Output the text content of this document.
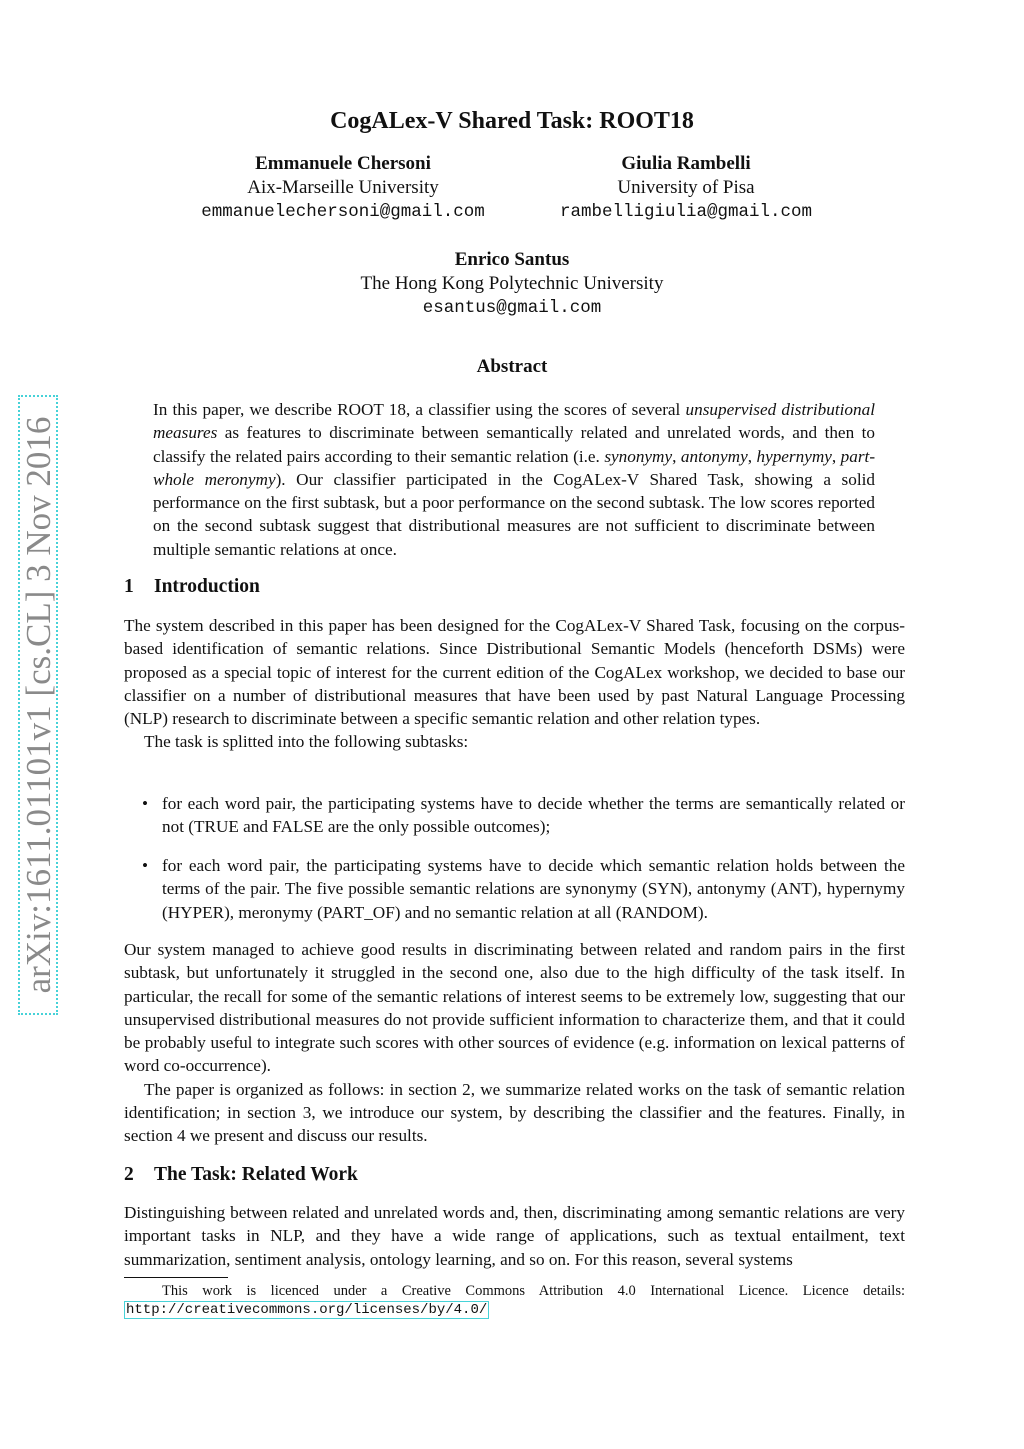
arXiv:1611.01101v1 [cs.CL] 3 Nov 2016
CogALex-V Shared Task: ROOT18
Emmanuele Chersoni
Aix-Marseille University
emmanuelechersoni@gmail.com
Giulia Rambelli
University of Pisa
rambelligiulia@gmail.com
Enrico Santus
The Hong Kong Polytechnic University
esantus@gmail.com
Abstract
In this paper, we describe ROOT 18, a classifier using the scores of several unsupervised distributional measures as features to discriminate between semantically related and unrelated words, and then to classify the related pairs according to their semantic relation (i.e. synonymy, antonymy, hypernymy, part-whole meronymy). Our classifier participated in the CogALex-V Shared Task, showing a solid performance on the first subtask, but a poor performance on the second subtask. The low scores reported on the second subtask suggest that distributional measures are not sufficient to discriminate between multiple semantic relations at once.
1 Introduction

The system described in this paper has been designed for the CogALex-V Shared Task, focusing on the corpus-based identification of semantic relations. Since Distributional Semantic Models (henceforth DSMs) were proposed as a special topic of interest for the current edition of the CogALex workshop, we decided to base our classifier on a number of distributional measures that have been used by past Natural Language Processing (NLP) research to discriminate between a specific semantic relation and other relation types.

The task is splitted into the following subtasks:

• for each word pair, the participating systems have to decide whether the terms are semantically related or not (TRUE and FALSE are the only possible outcomes);
• for each word pair, the participating systems have to decide which semantic relation holds between the terms of the pair. The five possible semantic relations are synonymy (SYN), antonymy (ANT), hypernymy (HYPER), meronymy (PART_OF) and no semantic relation at all (RANDOM).

Our system managed to achieve good results in discriminating between related and random pairs in the first subtask, but unfortunately it struggled in the second one, also due to the high difficulty of the task itself. In particular, the recall for some of the semantic relations of interest seems to be extremely low, suggesting that our unsupervised distributional measures do not provide sufficient information to characterize them, and that it could be probably useful to integrate such scores with other sources of evidence (e.g. information on lexical patterns of word co-occurrence).

The paper is organized as follows: in section 2, we summarize related works on the task of semantic relation identification; in section 3, we introduce our system, by describing the classifier and the features. Finally, in section 4 we present and discuss our results.

2 The Task: Related Work

Distinguishing between related and unrelated words and, then, discriminating among semantic relations are very important tasks in NLP, and they have a wide range of applications, such as textual entailment, text summarization, sentiment analysis, ontology learning, and so on. For this reason, several systems

This work is licenced under a Creative Commons Attribution 4.0 International Licence. Licence details:
http://creativecommons.org/licenses/by/4.0/
